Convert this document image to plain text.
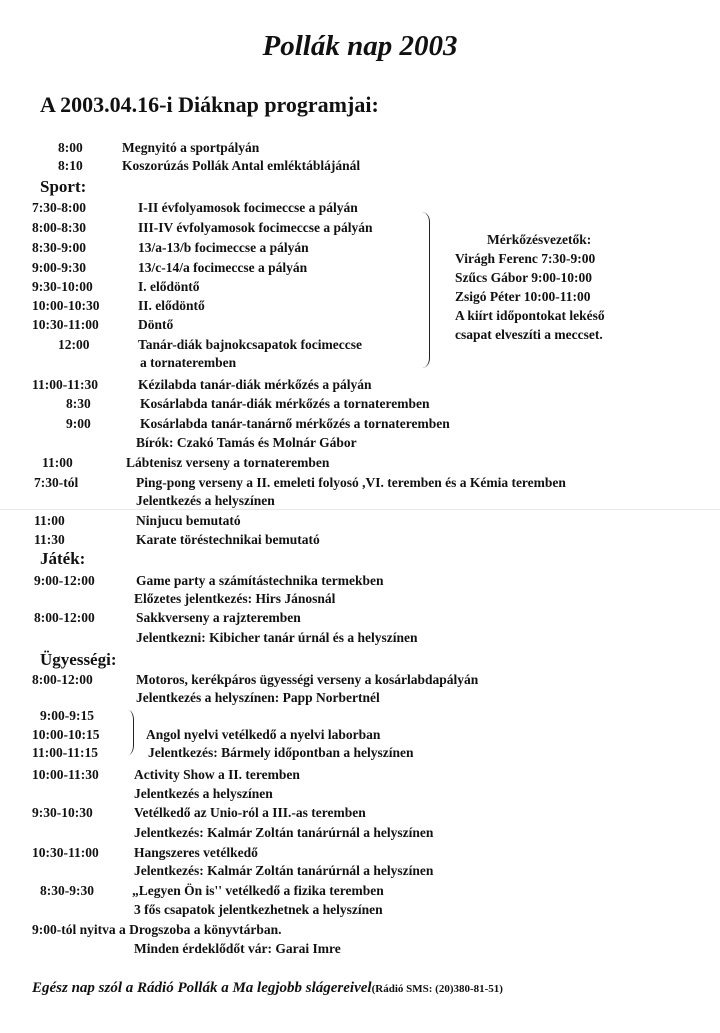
Pollák nap 2003
A 2003.04.16-i Diáknap programjai:
8:00	Megnyitó a sportpályán
8:10	Koszorúzás Pollák Antal emléktáblájánál
Sport:
7:30-8:00	I-II évfolyamosok focimeccse a pályán
8:00-8:30	III-IV évfolyamosok focimeccse a pályán
8:30-9:00	13/a-13/b focimeccse a pályán
9:00-9:30	13/c-14/a focimeccse a pályán
9:30-10:00	I. elődöntő
10:00-10:30	II. elődöntő
10:30-11:00	Döntő
12:00	Tanár-diák bajnokcsapatok focimeccse
a tornateremben
11:00-11:30	Kézilabda tanár-diák mérkőzés a pályán
8:30	Kosárlabda tanár-diák mérkőzés a tornateremben
9:00	Kosárlabda tanár-tanárnő mérkőzés a tornateremben
Bírók: Czakó Tamás és Molnár Gábor
11:00	Lábtenisz verseny a tornateremben
7:30-tól	Ping-pong verseny a II. emeleti folyosó ,VI. teremben és a Kémia teremben
Jelentkezés a helyszínen
11:00	Ninjucu bemutató
11:30	Karate töréstechnikai bemutató
Játék:
9:00-12:00	Game party a számítástechnika termekben
Előzetes jelentkezés: Hirs Jánosnál
8:00-12:00	Sakkverseny a rajzteremben
Jelentkezni: Kibicher tanár úrnál és a helyszínen
Ügyességi:
8:00-12:00	Motoros, kerékpáros ügyességi verseny a kosárlabdapályán
Jelentkezés a helyszínen: Papp Norbertnél
9:00-9:15
10:00-10:15	Angol nyelvi vetélkedő a nyelvi laborban
11:00-11:15	Jelentkezés: Bármely időpontban a helyszínen
10:00-11:30	Activity Show a II. teremben
Jelentkezés a helyszínen
9:30-10:30	Vetélkedő az Unio-ról a III.-as teremben
Jelentkezés: Kalmár Zoltán tanárúrnál a helyszínen
10:30-11:00	Hangszeres vetélkedő
Jelentkezés: Kalmár Zoltán tanárúrnál a helyszínen
8:30-9:30	„Legyen Ön is'' vetélkedő a fizika teremben
3 fős csapatok jelentkezhetnek a helyszínen
9:00-tól nyitva a Drogszoba a könyvtárban.
Minden érdeklődőt vár: Garai Imre
Mérkőzésvezetők:
Virágh Ferenc 7:30-9:00
Szűcs Gábor 9:00-10:00
Zsigó Péter 10:00-11:00
A kiírt időpontokat lekéső
csapat elveszíti a meccset.
Egész nap szól a Rádió Pollák a Ma legjobb slágereivel(Rádió SMS: (20)380-81-51)
